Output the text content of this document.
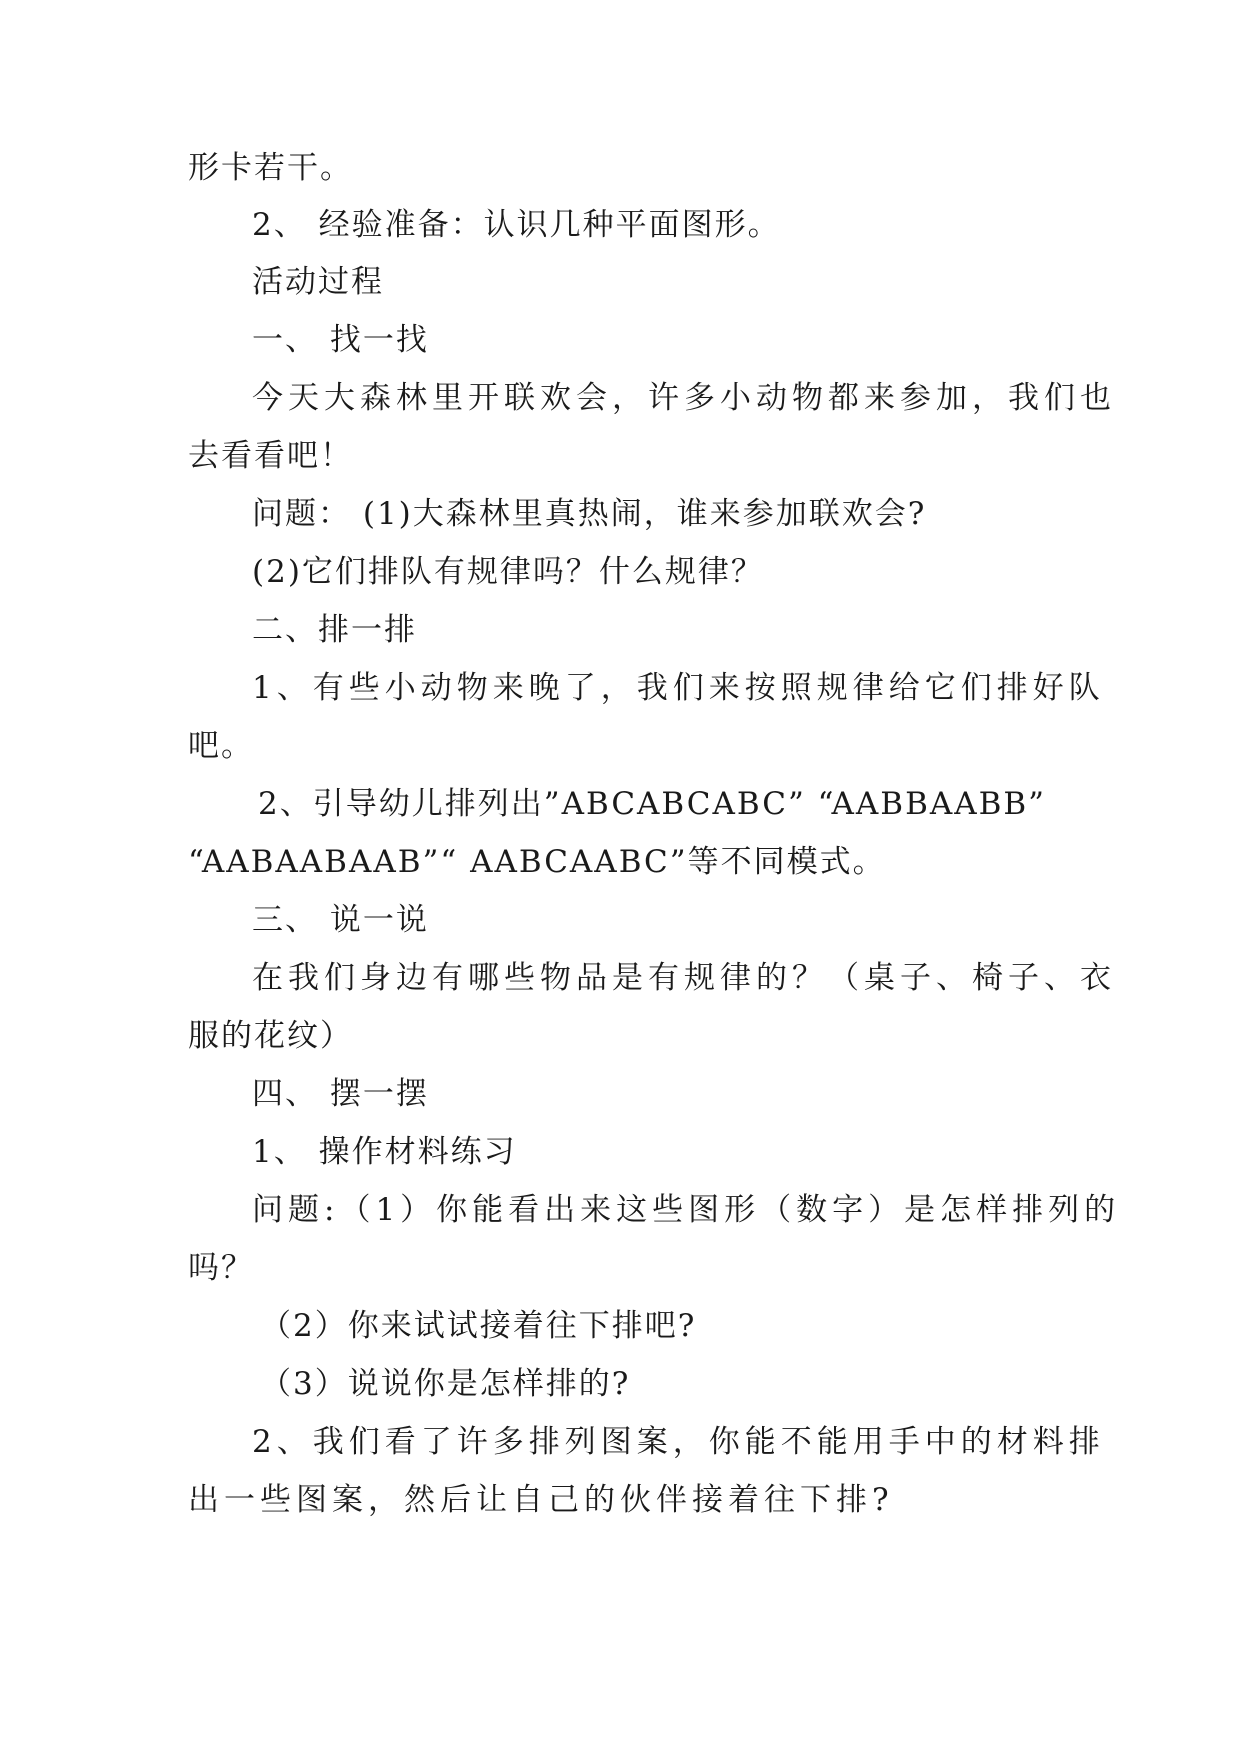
形卡若干。
2、 经验准备：认识几种平面图形。
活动过程
一、 找一找
今天大森林里开联欢会，许多小动物都来参加，我们也
去看看吧！
问题： (1)大森林里真热闹，谁来参加联欢会?
(2)它们排队有规律吗？什么规律？
二、排一排
1、有些小动物来晚了，我们来按照规律给它们排好队
吧。
2、引导幼儿排列出”ABCABCABC” “AABBAABB”
“AABAABAAB”“ AABCAABC”等不同模式。
三、 说一说
在我们身边有哪些物品是有规律的？（桌子、椅子、衣
服的花纹）
四、 摆一摆
1、 操作材料练习
问题:（1）你能看出来这些图形（数字）是怎样排列的
吗？
（2）你来试试接着往下排吧?
（3）说说你是怎样排的?
2、我们看了许多排列图案，你能不能用手中的材料排
出一些图案，然后让自己的伙伴接着往下排?
